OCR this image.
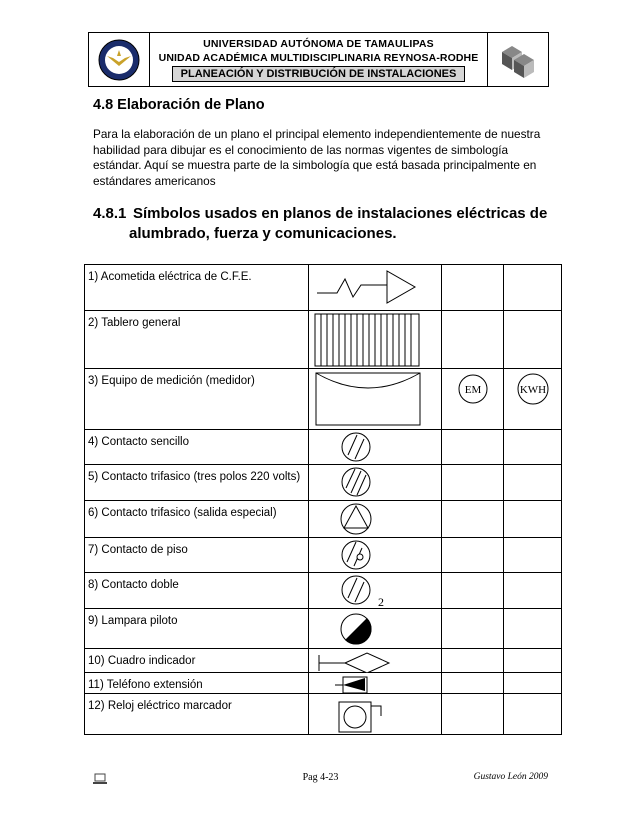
UNIVERSIDAD AUTÓNOMA DE TAMAULIPAS
UNIDAD ACADÉMICA MULTIDISCIPLINARIA REYNOSA-RODHE
PLANEACIÓN Y DISTRIBUCIÓN DE INSTALACIONES
4.8 Elaboración de Plano

Para la elaboración de un plano el principal elemento independientemente de nuestra habilidad para dibujar es el conocimiento de las normas vigentes de simbología estándar. Aquí se muestra parte de la simbología que está basada principalmente en estándares americanos

4.8.1 Símbolos usados en planos de instalaciones eléctricas de
alumbrado, fuerza y comunicaciones.
1) Acometida eléctrica de C.F.E.	

2) Tablero general	

3) Equipo de medición (medidor)		EM	KWH

4) Contacto sencillo	

5) Contacto trifasico (tres polos 220 volts)	

6) Contacto trifasico (salida especial)	

7) Contacto de piso	

8) Contacto doble	2		

9) Lampara piloto	

10) Cuadro indicador	

11) Teléfono extensión	

12) Reloj eléctrico marcador	

Pag 4-23	Gustavo León 2009
